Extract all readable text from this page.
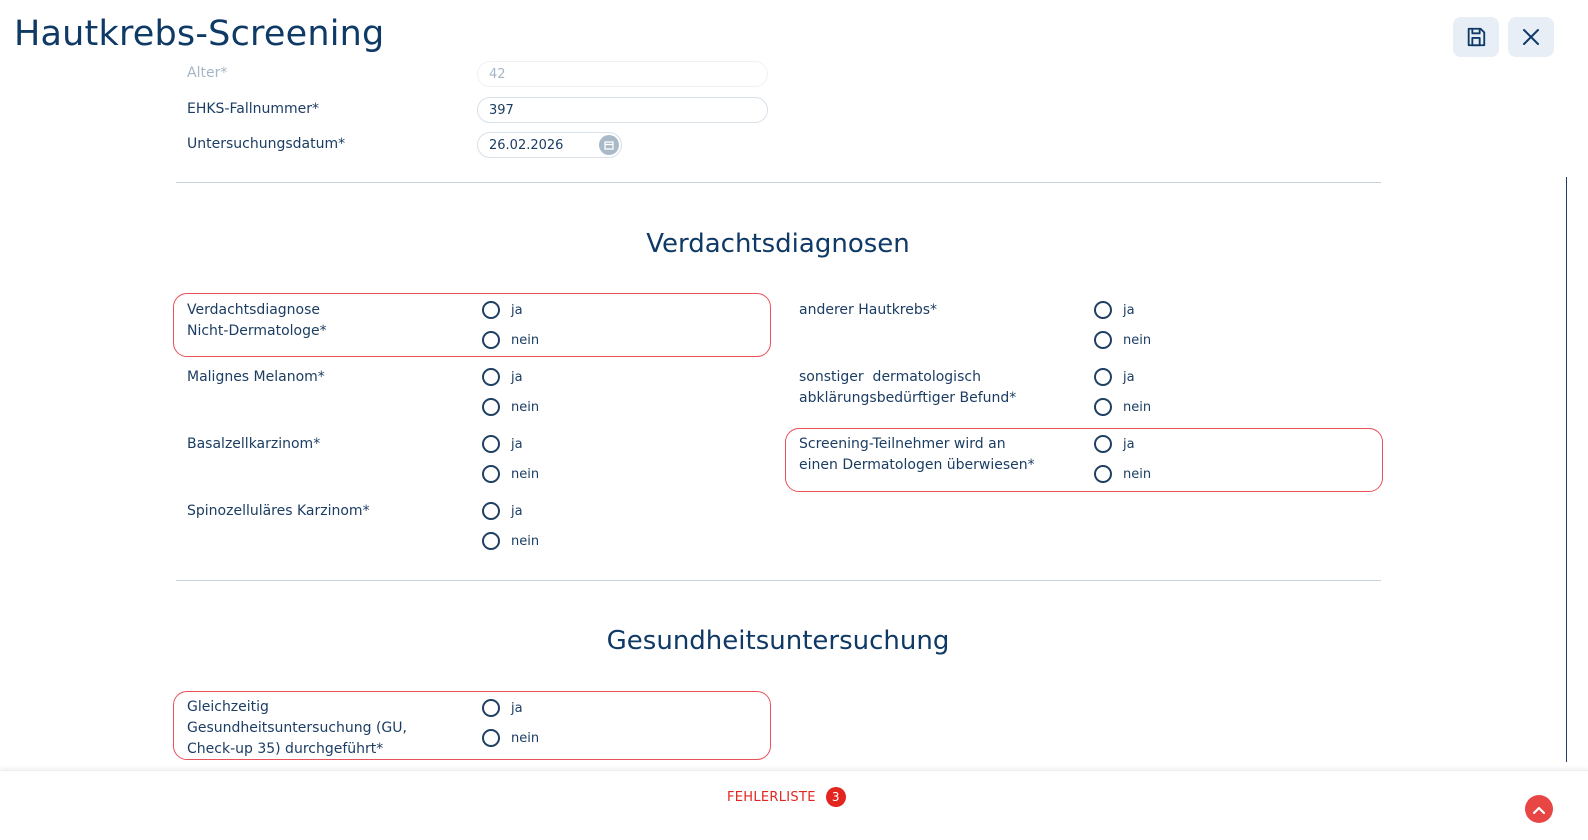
Hautkrebs-Screening
Alter*	42
EHKS-Fallnummer*	397
Untersuchungsdatum*	26.02.2026
Verdachtsdiagnosen
Verdachtsdiagnose
Nicht-Dermatologe*
ja
nein
Malignes Melanom*	ja
nein
Basalzellkarzinom*	ja
nein
Spinozelluläres Karzinom*	ja
nein
anderer Hautkrebs*	ja
nein
sonstiger  dermatologisch
abklärungsbedürftiger Befund*
ja
nein
Screening-Teilnehmer wird an
einen Dermatologen überwiesen*
ja
nein
Gesundheitsuntersuchung
Gleichzeitig
Gesundheitsuntersuchung (GU,
Check-up 35) durchgeführt*
ja
nein
FEHLERLISTE	3
